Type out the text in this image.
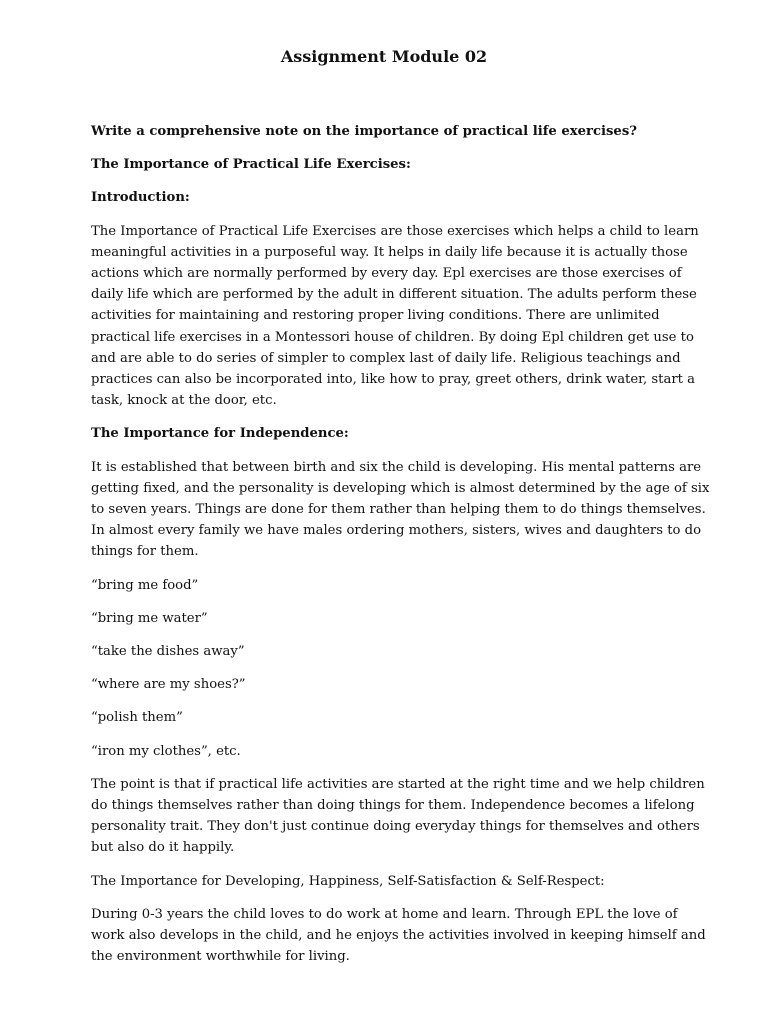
Assignment Module 02

Write a comprehensive note on the importance of practical life exercises?

The Importance of Practical Life Exercises:

Introduction:

The Importance of Practical Life Exercises are those exercises which helps a child to learn
meaningful activities in a purposeful way. It helps in daily life because it is actually those
actions which are normally performed by every day. Epl exercises are those exercises of
daily life which are performed by the adult in different situation. The adults perform these
activities for maintaining and restoring proper living conditions. There are unlimited
practical life exercises in a Montessori house of children. By doing Epl children get use to
and are able to do series of simpler to complex last of daily life. Religious teachings and
practices can also be incorporated into, like how to pray, greet others, drink water, start a
task, knock at the door, etc.

The Importance for Independence:

It is established that between birth and six the child is developing. His mental patterns are
getting fixed, and the personality is developing which is almost determined by the age of six
to seven years. Things are done for them rather than helping them to do things themselves.
In almost every family we have males ordering mothers, sisters, wives and daughters to do
things for them.

“bring me food”

“bring me water”

“take the dishes away”

“where are my shoes?”

“polish them”

“iron my clothes”, etc.

The point is that if practical life activities are started at the right time and we help children
do things themselves rather than doing things for them. Independence becomes a lifelong
personality trait. They don't just continue doing everyday things for themselves and others
but also do it happily.

The Importance for Developing, Happiness, Self-Satisfaction & Self-Respect:

During 0-3 years the child loves to do work at home and learn. Through EPL the love of
work also develops in the child, and he enjoys the activities involved in keeping himself and
the environment worthwhile for living.
